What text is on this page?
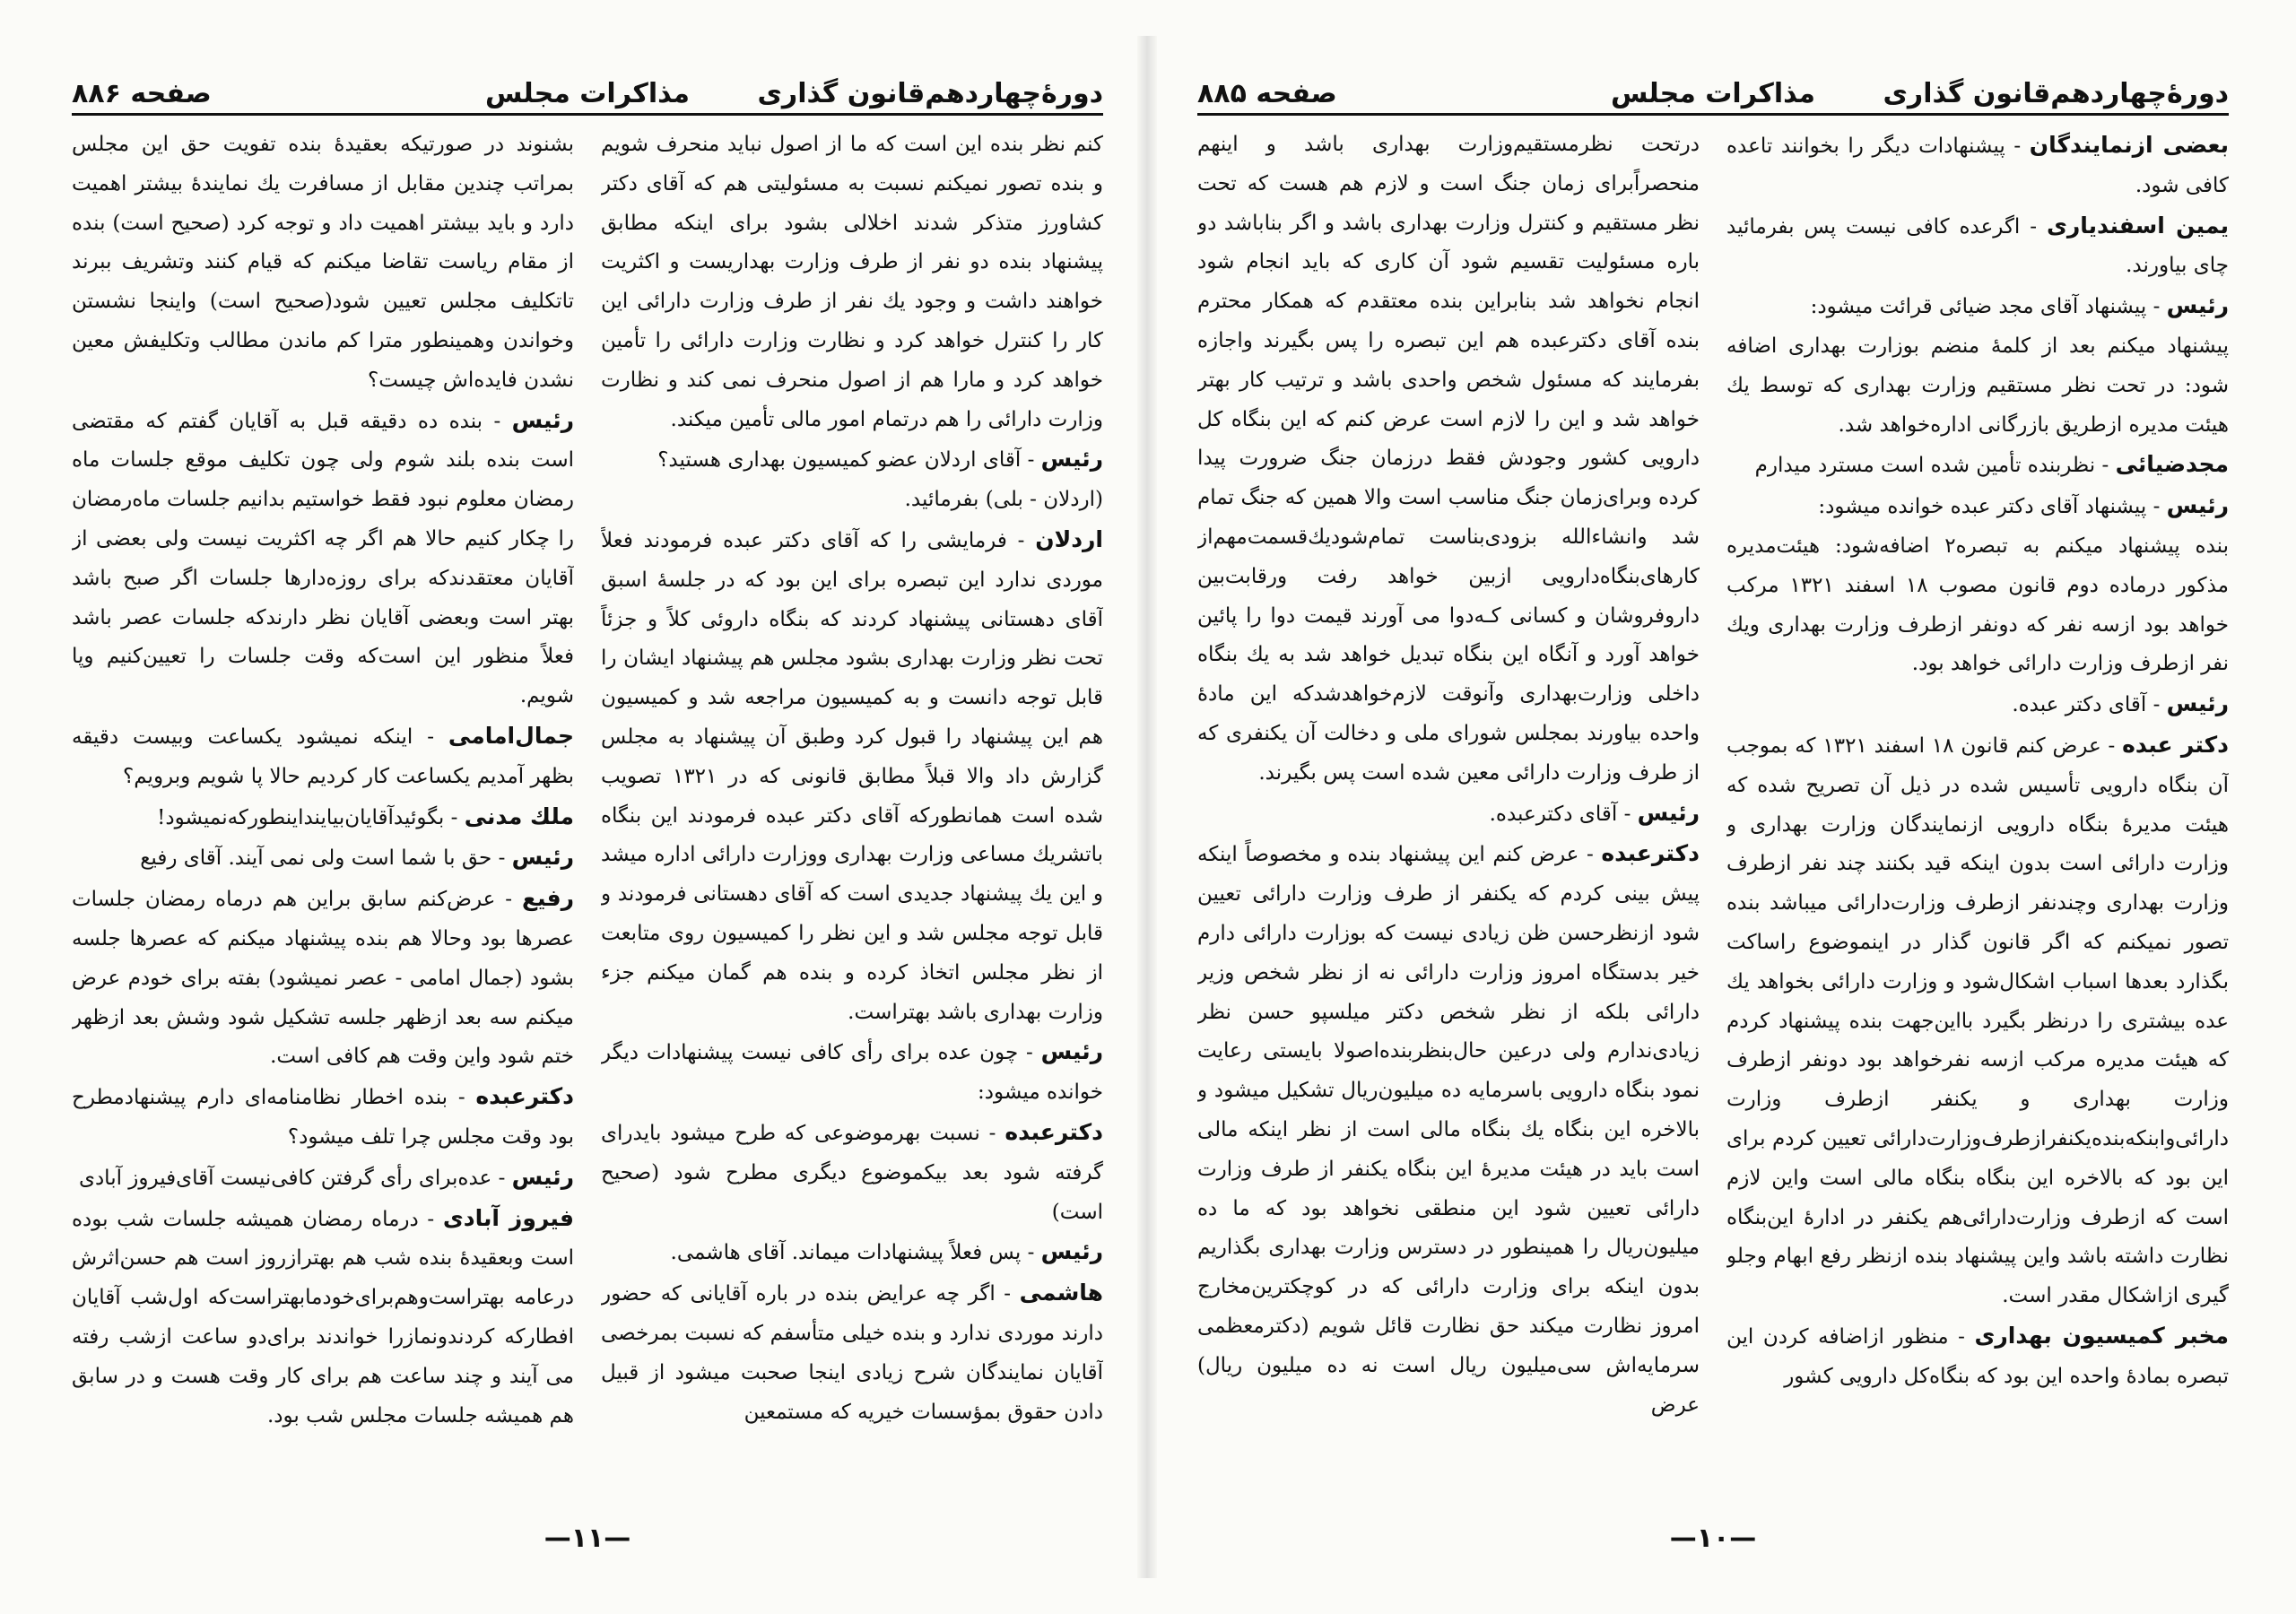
دورهٔ‌چهاردهم‌قانون گذاری
مذاکرات مجلس
صفحه ۸۸۶

کنم نظر بنده این است که ما از اصول نباید منحرف شویم و بنده تصور نمیکنم نسبت به مسئولیتی هم که آقای دکتر کشاورز متذکر شدند اخلالی بشود برای اینکه مطابق پیشنهاد بنده دو نفر از طرف وزارت بهداریست و اکثریت خواهند داشت و وجود یك نفر از طرف وزارت دارائی این کار را کنترل خواهد کرد و نظارت وزارت دارائی را تأمین خواهد کرد و مارا هم از اصول منحرف نمی کند و نظارت وزارت دارائی را هم درتمام امور مالی تأمین میکند.

رئیس - آقای اردلان عضو کمیسیون بهداری هستید؟

(اردلان - بلی) بفرمائید.

اردلان - فرمایشی را که آقای دکتر عبده فرمودند فعلاً موردی ندارد این تبصره برای این بود که در جلسهٔ اسبق آقای دهستانی پیشنهاد کردند که بنگاه داروئی کلاً و جزئاً تحت نظر وزارت بهداری بشود مجلس هم پیشنهاد ایشان را قابل توجه دانست و به کمیسیون مراجعه شد و کمیسیون هم این پیشنهاد را قبول کرد وطبق آن پیشنهاد به مجلس گزارش داد والا قبلاً مطابق قانونی که در ۱۳۲۱ تصویب شده است همانطورکه آقای دکتر عبده فرمودند این بنگاه باتشریك مساعی وزارت بهداری ووزارت دارائی اداره میشد و این یك پیشنهاد جدیدی است که آقای دهستانی فرمودند و قابل توجه مجلس شد و این نظر را کمیسیون روی متابعت از نظر مجلس اتخاذ کرده و بنده هم گمان میکنم جزء وزارت بهداری باشد بهتراست.

رئیس - چون عده برای رأی کافی نیست پیشنهادات دیگر خوانده میشود:

دکترعبده - نسبت بهرموضوعی که طرح میشود بایدرای گرفته شود بعد بیکموضوع دیگری مطرح شود (صحیح است)

رئیس - پس فعلاً پیشنهادات میماند. آقای هاشمی.

هاشمی - اگر چه عرایض بنده در باره آقایانی که حضور دارند موردی ندارد و بنده خیلی متأسفم که نسبت بمرخصی آقایان نمایندگان شرح زیادی اینجا صحبت میشود از قبیل دادن حقوق بمؤسسات خیریه که مستمعین

بشنوند در صورتیکه بعقیدهٔ بنده تفویت حق این مجلس بمراتب چندین مقابل از مسافرت یك نمایندهٔ بیشتر اهمیت دارد و باید بیشتر اهمیت داد و توجه کرد (صحیح است) بنده از مقام ریاست تقاضا میکنم که قیام کنند وتشریف ببرند تاتکلیف مجلس تعیین شود(صحیح است) واینجا نشستن وخواندن وهمینطور مترا کم ماندن مطالب وتکلیفش معین نشدن فایده‌اش چیست؟

رئیس - بنده ده دقیقه قبل به آقایان گفتم که مقتضی است بنده بلند شوم ولی چون تکلیف موقع جلسات ماه رمضان معلوم نبود فقط خواستیم بدانیم جلسات ماه‌رمضان را چکار کنیم حالا هم اگر چه اکثریت نیست ولی بعضی از آقایان معتقدندکه برای روزه‌دارها جلسات اگر صبح باشد بهتر است وبعضی آقایان نظر دارندکه جلسات عصر باشد فعلاً منظور این است‌که وقت جلسات را تعیین‌کنیم وپا شویم.

جمال‌امامی - اینکه نمیشود یکساعت وبیست دقیقه بظهر آمدیم یکساعت کار کردیم حالا پا شویم وبرویم؟

ملك مدنی - بگوئیدآقایان‌بیایند‌اینطورکه‌نمیشود!

رئیس - حق با شما است ولی نمی آیند. آقای رفیع

رفیع - عرض‌کنم سابق براین هم درماه رمضان جلسات عصرها بود وحالا هم بنده پیشنهاد میکنم که عصرها جلسه بشود (جمال امامی - عصر نمیشود) بفته برای خودم عرض میکنم سه بعد ازظهر جلسه تشکیل شود وشش بعد ازظهر ختم شود واین وقت هم کافی است.

دکترعبده - بنده اخطار نظامنامه‌ای دارم پیشنهادمطرح بود وقت مجلس چرا تلف میشود؟

رئیس - عده‌برای رأی گرفتن کافی‌نیست آقای‌فیروز آبادی

فیروز آبادی - درماه رمضان همیشه جلسات شب بوده است وبعقیدهٔ بنده شب هم بهترازروز است هم حسن‌اثرش درعامه بهتراست‌وهم‌برای‌خودمابهتراست‌که اول‌شب آقایان افطارکه کردندونمازرا خواندند برای‌دو ساعت ازشب رفته می آیند و چند ساعت هم برای کار وقت هست و در سابق هم همیشه جلسات مجلس شب بود.

—۱۱—
دورهٔ‌چهاردهم‌قانون گذاری
مذاکرات مجلس
صفحه ۸۸۵

بعضی ازنمایندگان - پیشنهادات دیگر را بخوانند تاعده کافی شود.

یمین اسفندیاری - اگرعده کافی نیست پس بفرمائید چای بیاورند.

رئیس - پیشنهاد آقای مجد ضیائی قرائت میشود:

پیشنهاد میکنم بعد از کلمهٔ منضم بوزارت بهداری اضافه شود: در تحت نظر مستقیم وزارت بهداری که توسط یك هیئت مدیره ازطریق بازرگانی اداره‌خواهد شد.

مجدضیائی - نظربنده تأمین شده است مسترد میدارم

رئیس - پیشنهاد آقای دکتر عبده خوانده میشود:

بنده پیشنهاد میکنم به تبصره۲ اضافه‌شود: هیئت‌مدیره مذکور درماده دوم قانون مصوب ۱۸ اسفند ۱۳۲۱ مرکب خواهد بود ازسه نفر که دونفر ازطرف وزارت بهداری ویك نفر ازطرف وزارت دارائی خواهد بود.

رئیس - آقای دکتر عبده.

دکتر عبده - عرض کنم قانون ۱۸ اسفند ۱۳۲۱ که بموجب آن بنگاه دارویی تأسیس شده در ذیل آن تصریح شده که هیئت مدیرهٔ بنگاه دارویی ازنمایندگان وزارت بهداری و وزارت دارائی است بدون اینکه قید بکنند چند نفر ازطرف وزارت بهداری وچندنفر ازطرف وزارت‌دارائی میباشد بنده تصور نمیکنم که اگر قانون گذار در اینموضوع راساکت بگذارد بعدها اسباب اشکال‌شود و وزارت دارائی بخواهد یك عده بیشتری را درنظر بگیرد بااین‌جهت بنده پیشنهاد کردم که هیئت مدیره مرکب ازسه نفرخواهد بود دونفر ازطرف وزارت بهداری و یکنفر ازطرف وزارت دارائی‌وابنکه‌بنده‌یکنفر‌ازطرف‌وزارت‌دارائی تعیین کردم برای این بود که بالاخره این بنگاه بنگاه مالی است واین لازم است که ازطرف وزارت‌دارائی‌هم یکنفر در ادارهٔ این‌بنگاه نظارت داشته باشد واین پیشنهاد بنده ازنظر رفع ابهام وجلو گیری ازاشکال مقدر است.

مخبر کمیسیون بهداری - منظور ازاضافه کردن این تبصره بمادهٔ واحده این بود که بنگاه‌کل دارویی کشور

درتحت نظرمستقیم‌وزارت بهداری باشد و اینهم منحصراًبرای زمان جنگ است و لازم هم هست که تحت نظر مستقیم و کنترل وزارت بهداری باشد و اگر بناباشد دو باره مسئولیت تقسیم شود آن کاری که باید انجام شود انجام نخواهد شد بنابراین بنده معتقدم که همکار محترم بنده آقای دکترعبده هم این تبصره را پس بگیرند واجازه بفرمایند که مسئول شخص واحدی باشد و ترتیب کار بهتر خواهد شد و این را لازم است عرض کنم که این بنگاه کل دارویی کشور وجودش فقط درزمان جنگ ضرورت پیدا کرده وبرای‌زمان جنگ مناسب است والا همین که جنگ تمام شد وانشاءالله بزودی‌بناست تمام‌شود‌یك‌قسمت‌مهم‌از کارهای‌بنگاه‌دارویی از‌بین خواهد رفت ورقابت‌بین دارو‌فروشان و کسانی کـه‌دوا می آورند قیمت دوا را پائین خواهد آورد و آنگاه این بنگاه تبدیل خواهد شد به یك بنگاه داخلی وزارت‌بهداری وآنوقت لازم‌خواهدشدکه این مادهٔ واحده بیاورند بمجلس شورای ملی و دخالت آن یکنفری که از طرف وزارت دارائی معین شده است پس بگیرند.

رئیس - آقای دکترعبده.

دکترعبده - عرض کنم این پیشنهاد بنده و مخصوصاً اینکه پیش بینی کردم که یکنفر از طرف وزارت دارائی تعیین شود ازنظرحسن ظن زیادی نیست که بوزارت دارائی دارم خیر بدستگاه امروز وزارت دارائی نه از نظر شخص وزیر دارائی بلکه از نظر شخص دکتر میلسپو حسن نظر زیادی‌ندارم ولی درعین حال‌بنظر‌بنده‌اصولا‌ بایستی رعایت نمود بنگاه دارویی باسرمایه ده میلیون‌ریال تشکیل میشود و بالاخره این بنگاه یك بنگاه مالی است از نظر اینکه مالی است باید در هیئت مدیرهٔ این بنگاه یکنفر از طرف وزارت دارائی تعیین شود این منطقی نخواهد بود که ما ده میلیون‌ریال را همینطور در دسترس وزارت بهداری بگذاریم بدون اینکه برای وزارت دارائی که در کوچکترین‌مخارج امروز نظارت میکند حق نظارت قائل شویم (دکترمعظمی سرمایه‌اش سی‌میلیون ریال است نه ده میلیون ریال) عرض

—۱۰—
